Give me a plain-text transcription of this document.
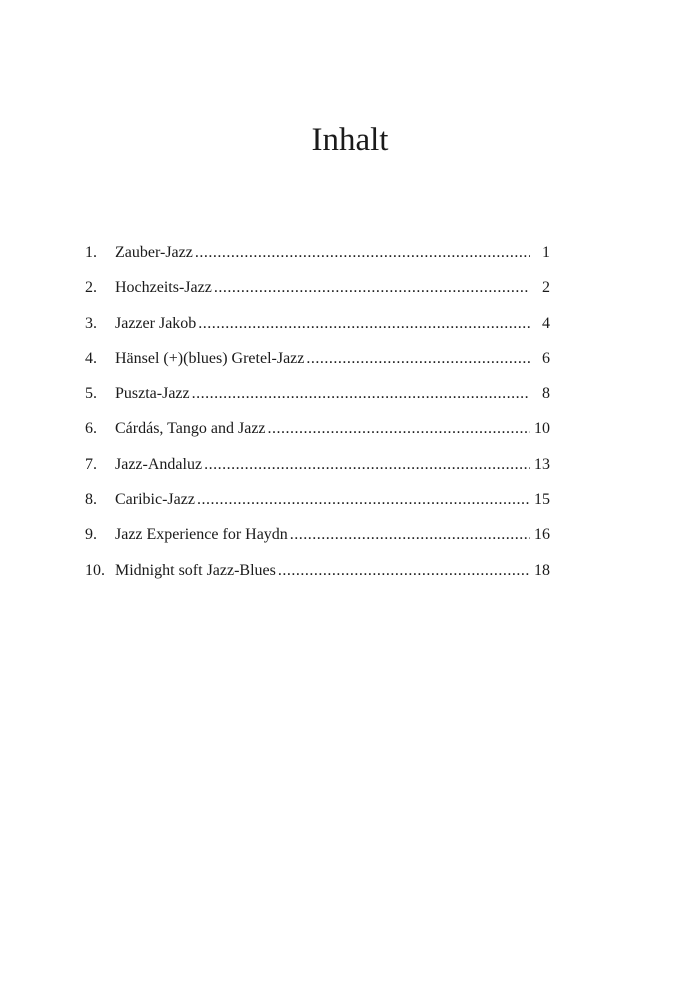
Inhalt
1.	Zauber-Jazz .....	1
2.	Hochzeits-Jazz .....	2
3.	Jazzer Jakob .....	4
4.	Hänsel (+)(blues) Gretel-Jazz .....	6
5.	Puszta-Jazz .....	8
6.	Cárdás, Tango and Jazz .....	10
7.	Jazz-Andaluz .....	13
8.	Caribic-Jazz .....	15
9.	Jazz Experience for Haydn .....	16
10. Midnight soft Jazz-Blues .....	18
